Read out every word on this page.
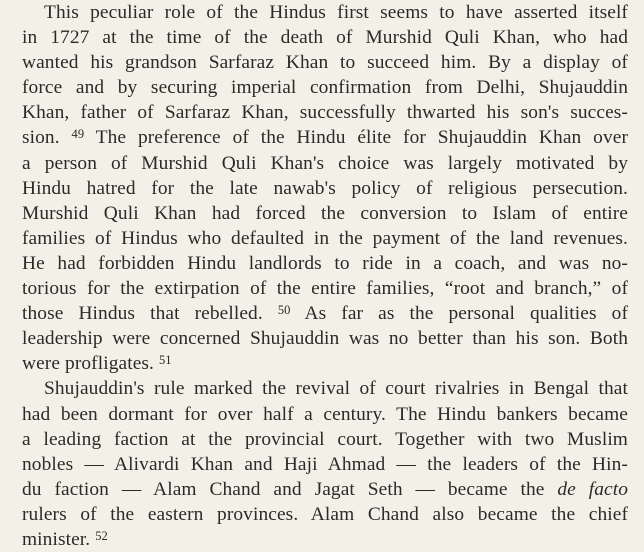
This peculiar role of the Hindus first seems to have asserted itself
in 1727 at the time of the death of Murshid Quli Khan, who had
wanted his grandson Sarfaraz Khan to succeed him. By a display of
force and by securing imperial confirmation from Delhi, Shujauddin
Khan, father of Sarfaraz Khan, successfully thwarted his son's succes-
sion. $^{49}$ The preference of the Hindu élite for Shujauddin Khan over
a person of Murshid Quli Khan's choice was largely motivated by
Hindu hatred for the late nawab's policy of religious persecution.
Murshid Quli Khan had forced the conversion to Islam of entire
families of Hindus who defaulted in the payment of the land revenues.
He had forbidden Hindu landlords to ride in a coach, and was no-
torious for the extirpation of the entire families, “root and branch,” of
those Hindus that rebelled. $^{50}$ As far as the personal qualities of
leadership were concerned Shujauddin was no better than his son. Both
were profligates. $^{51}$
Shujauddin's rule marked the revival of court rivalries in Bengal that
had been dormant for over half a century. The Hindu bankers became
a leading faction at the provincial court. Together with two Muslim
nobles — Alivardi Khan and Haji Ahmad — the leaders of the Hin-
du faction — Alam Chand and Jagat Seth — became the de facto
rulers of the eastern provinces. Alam Chand also became the chief
minister. $^{52}$
